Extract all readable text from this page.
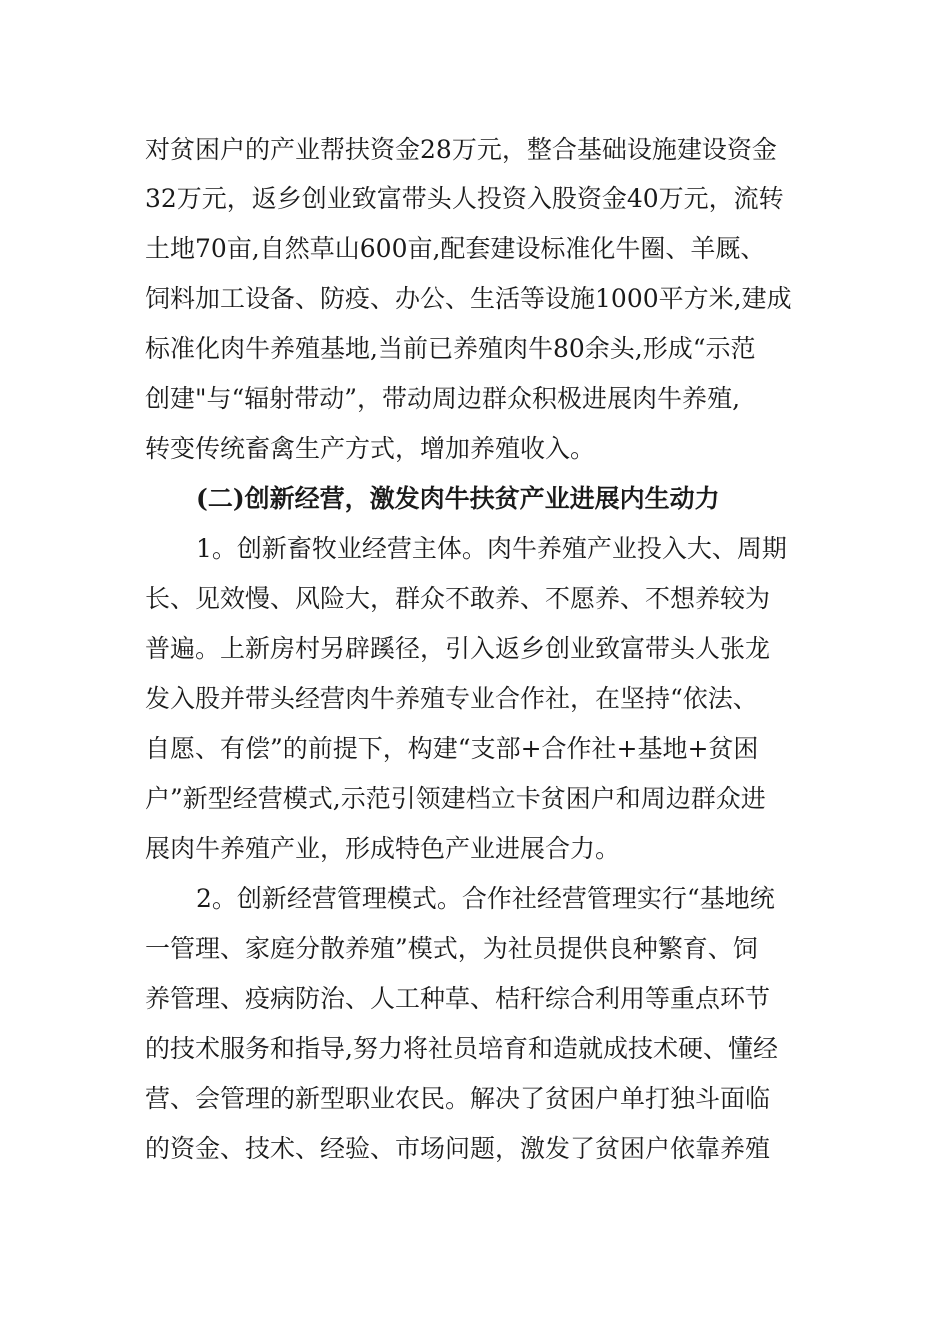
对贫困户的产业帮扶资金28万元，整合基础设施建设资金
32万元，返乡创业致富带头人投资入股资金40万元，流转
土地70亩,自然草山600亩,配套建设标准化牛圈、羊厩、
饲料加工设备、防疫、办公、生活等设施1000平方米,建成
标准化肉牛养殖基地,当前已养殖肉牛80余头,形成“示范
创建"与“辐射带动”，带动周边群众积极进展肉牛养殖,
转变传统畜禽生产方式，增加养殖收入。
(二)创新经营，激发肉牛扶贫产业进展内生动力
1。创新畜牧业经营主体。肉牛养殖产业投入大、周期
长、见效慢、风险大，群众不敢养、不愿养、不想养较为
普遍。上新房村另辟蹊径，引入返乡创业致富带头人张龙
发入股并带头经营肉牛养殖专业合作社，在坚持“依法、
自愿、有偿”的前提下，构建“支部+合作社+基地+贫困
户”新型经营模式,示范引领建档立卡贫困户和周边群众进
展肉牛养殖产业，形成特色产业进展合力。
2。创新经营管理模式。合作社经营管理实行“基地统
一管理、家庭分散养殖”模式，为社员提供良种繁育、饲
养管理、疫病防治、人工种草、桔秆综合利用等重点环节
的技术服务和指导,努力将社员培育和造就成技术硬、懂经
营、会管理的新型职业农民。解决了贫困户单打独斗面临
的资金、技术、经验、市场问题，激发了贫困户依靠养殖
